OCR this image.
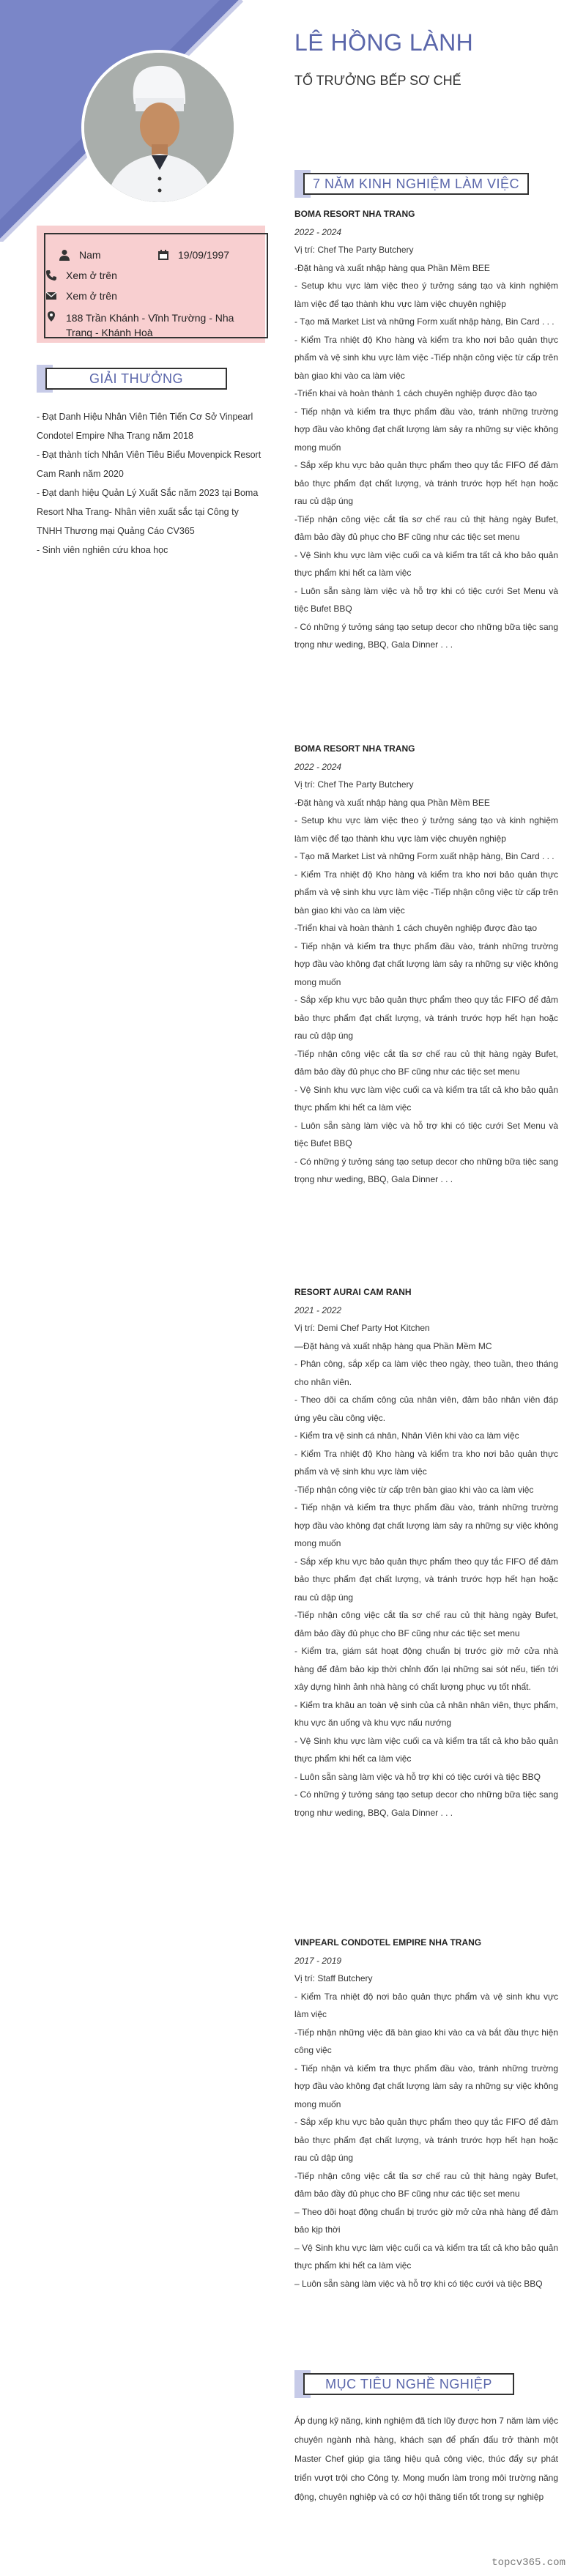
LÊ HỒNG LÀNH

TỔ TRƯỞNG BẾP SƠ CHẾ

Nam	19/09/1997
Xem ở trên
Xem ở trên
188 Trần Khánh - Vĩnh Trường - Nha Trang - Khánh Hoà
GIẢI THƯỞNG

- Đạt Danh Hiệu Nhân Viên Tiên Tiến Cơ Sở Vinpearl Condotel Empire Nha Trang năm 2018

- Đạt thành tích Nhân Viên Tiêu Biểu Movenpick Resort Cam Ranh năm 2020

- Đạt danh hiệu Quản Lý Xuất Sắc năm 2023 tại Boma Resort Nha Trang- Nhân viên xuất sắc tại Công ty TNHH Thương mại Quảng Cáo CV365

- Sinh viên nghiên cứu khoa học

7 NĂM KINH NGHIỆM LÀM VIỆC

BOMA RESORT NHA TRANG

2022 - 2024

Vị trí: Chef The Party Butchery

-Đặt hàng và xuất nhập hàng qua Phần Mềm BEE

- Setup khu vực làm việc theo ý tưởng sáng tạo và kinh nghiệm làm việc để tạo thành khu vực làm việc chuyên nghiệp

- Tạo mã Market List và những Form xuất nhập hàng, Bin Card . . .

- Kiểm Tra nhiệt độ Kho hàng và kiểm tra kho nơi bảo quản thực phẩm và vệ sinh khu vực làm việc -Tiếp nhận công việc từ cấp trên bàn giao khi vào ca làm việc

-Triển khai và hoàn thành 1 cách chuyên nghiệp được đào tạo

- Tiếp nhận và kiểm tra thực phẩm đầu vào, tránh những trường hợp đầu vào không đạt chất lượng làm sảy ra những sự việc không mong muốn

- Sắp xếp khu vực bảo quản thực phẩm theo quy tắc FIFO để đảm bảo thực phẩm đạt chất lượng, và tránh trước hợp hết hạn hoặc rau củ dập úng

-Tiếp nhận công việc cắt tỉa sơ chế rau củ thịt hàng ngày Bufet, đảm bảo đầy đủ phục cho BF cũng như các tiệc set menu

- Vệ Sinh khu vực làm việc cuối ca và kiểm tra tất cả kho bảo quản thực phẩm khi hết ca làm việc

- Luôn sẵn sàng làm việc và hỗ trợ khi có tiệc cưới Set Menu và tiệc Bufet BBQ

- Có những ý tưởng sáng tạo setup decor cho những bữa tiệc sang trọng như weding, BBQ, Gala Dinner . . .

BOMA RESORT NHA TRANG

2022 - 2024

Vị trí: Chef The Party Butchery

-Đặt hàng và xuất nhập hàng qua Phần Mềm BEE

- Setup khu vực làm việc theo ý tưởng sáng tạo và kinh nghiệm làm việc để tạo thành khu vực làm việc chuyên nghiệp

- Tạo mã Market List và những Form xuất nhập hàng, Bin Card . . .

- Kiểm Tra nhiệt độ Kho hàng và kiểm tra kho nơi bảo quản thực phẩm và vệ sinh khu vực làm việc -Tiếp nhận công việc từ cấp trên bàn giao khi vào ca làm việc

-Triển khai và hoàn thành 1 cách chuyên nghiệp được đào tạo

- Tiếp nhận và kiểm tra thực phẩm đầu vào, tránh những trường hợp đầu vào không đạt chất lượng làm sảy ra những sự việc không mong muốn

- Sắp xếp khu vực bảo quản thực phẩm theo quy tắc FIFO để đảm bảo thực phẩm đạt chất lượng, và tránh trước hợp hết hạn hoặc rau củ dập úng

-Tiếp nhận công việc cắt tỉa sơ chế rau củ thịt hàng ngày Bufet, đảm bảo đầy đủ phục cho BF cũng như các tiệc set menu

- Vệ Sinh khu vực làm việc cuối ca và kiểm tra tất cả kho bảo quản thực phẩm khi hết ca làm việc

- Luôn sẵn sàng làm việc và hỗ trợ khi có tiệc cưới Set Menu và tiệc Bufet BBQ

- Có những ý tưởng sáng tạo setup decor cho những bữa tiệc sang trọng như weding, BBQ, Gala Dinner . . .

RESORT AURAI CAM RANH

2021 - 2022

Vị trí: Demi Chef Party Hot Kitchen

—Đặt hàng và xuất nhập hàng qua Phần Mềm MC

- Phân công, sắp xếp ca làm việc theo ngày, theo tuần, theo tháng cho nhân viên.

- Theo dõi ca chấm công của nhân viên, đảm bảo nhân viên đáp ứng yêu cầu công việc.

- Kiểm tra vệ sinh cá nhân, Nhân Viên khi vào ca làm việc

- Kiểm Tra nhiệt độ Kho hàng và kiểm tra kho nơi bảo quản thực phẩm và vệ sinh khu vực làm việc

-Tiếp nhận công việc từ cấp trên bàn giao khi vào ca làm việc

- Tiếp nhận và kiểm tra thực phẩm đầu vào, tránh những trường hợp đầu vào không đạt chất lượng làm sảy ra những sự việc không mong muốn

- Sắp xếp khu vực bảo quản thực phẩm theo quy tắc FIFO để đảm bảo thực phẩm đạt chất lượng, và tránh trước hợp hết hạn hoặc rau củ dập úng

-Tiếp nhận công việc cắt tỉa sơ chế rau củ thịt hàng ngày Bufet, đảm bảo đầy đủ phục cho BF cũng như các tiệc set menu

- Kiểm tra, giám sát hoạt động chuẩn bị trước giờ mở cửa nhà hàng để đảm bảo kịp thời chỉnh đốn lại những sai sót nếu, tiến tới xây dựng hình ảnh nhà hàng có chất lượng phục vụ tốt nhất.

- Kiểm tra khâu an toàn vệ sinh của cả nhân nhân viên, thực phẩm, khu vực ăn uống và khu vực nấu nướng

- Vệ Sinh khu vực làm việc cuối ca và kiểm tra tất cả kho bảo quản thực phẩm khi hết ca làm việc

- Luôn sẵn sàng làm việc và hỗ trợ khi có tiệc cưới và tiệc BBQ

- Có những ý tưởng sáng tạo setup decor cho những bữa tiệc sang trọng như weding, BBQ, Gala Dinner . . .

VINPEARL CONDOTEL EMPIRE NHA TRANG

2017 - 2019

Vị trí: Staff Butchery

- Kiểm Tra nhiệt độ nơi bảo quản thực phẩm và vệ sinh khu vực làm việc

-Tiếp nhận những việc đã bàn giao khi vào ca và bắt đầu thực hiện công việc

- Tiếp nhận và kiểm tra thực phẩm đầu vào, tránh những trường hợp đầu vào không đạt chất lượng làm sảy ra những sự việc không mong muốn

- Sắp xếp khu vực bảo quản thực phẩm theo quy tắc FIFO để đảm bảo thực phẩm đạt chất lượng, và tránh trước hợp hết hạn hoặc rau củ dập úng

-Tiếp nhận công việc cắt tỉa sơ chế rau củ thịt hàng ngày Bufet, đảm bảo đầy đủ phục cho BF cũng như các tiệc set menu

– Theo dõi hoạt động chuẩn bị trước giờ mở cửa nhà hàng để đảm bảo kịp thời

– Vệ Sinh khu vực làm việc cuối ca và kiểm tra tất cả kho bảo quản thực phẩm khi hết ca làm việc

– Luôn sẵn sàng làm việc và hỗ trợ khi có tiệc cưới và tiệc BBQ

MỤC TIÊU NGHỀ NGHIỆP
Áp dụng kỹ năng, kinh nghiệm đã tích lũy được hơn 7 năm làm việc chuyên ngành nhà hàng, khách sạn để phấn đấu trở thành một Master Chef giúp gia tăng hiệu quả công việc, thúc đẩy sự phát triển vượt trội cho Công ty. Mong muốn làm trong môi trường năng động, chuyên nghiệp và có cơ hội thăng tiến tốt trong sự nghiệp
topcv365.com
